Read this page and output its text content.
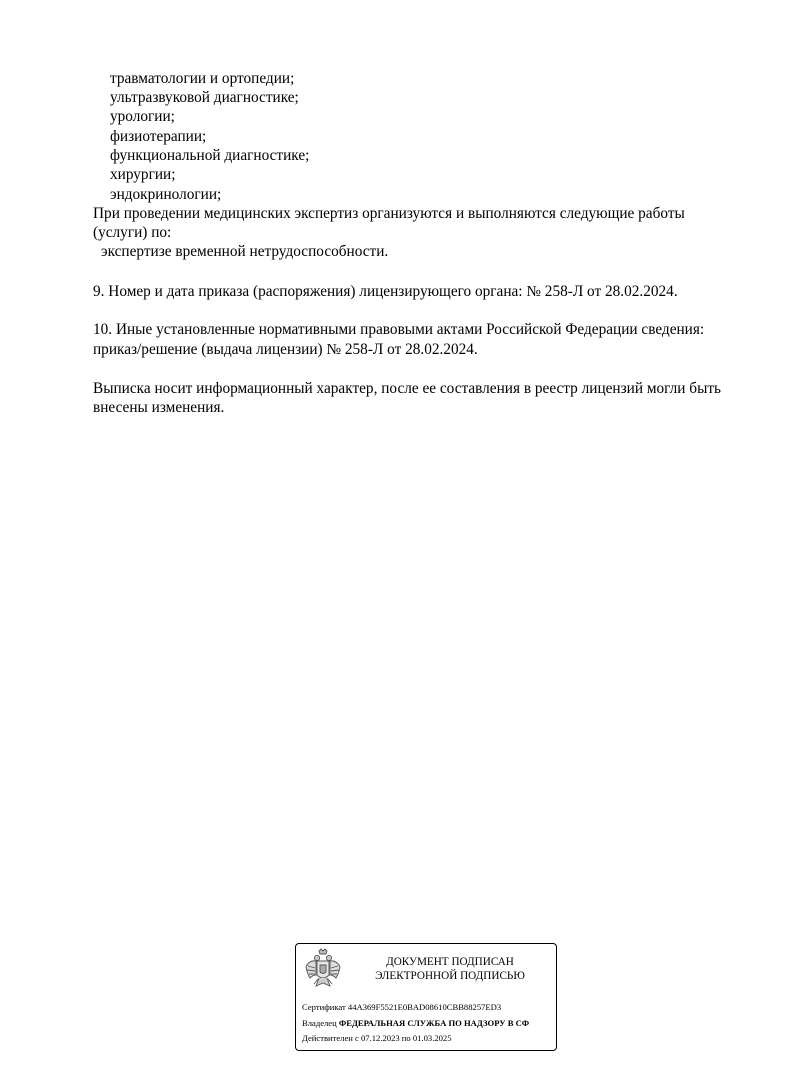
травматологии и ортопедии;
ультразвуковой диагностике;
урологии;
физиотерапии;
функциональной диагностике;
хирургии;
эндокринологии;
При проведении медицинских экспертиз организуются и выполняются следующие работы
(услуги) по:
экспертизе временной нетрудоспособности.
9. Номер и дата приказа (распоряжения) лицензирующего органа: № 258-Л от 28.02.2024.
10. Иные установленные нормативными правовыми актами Российской Федерации сведения:
приказ/решение (выдача лицензии) № 258-Л от 28.02.2024.
Выписка носит информационный характер, после ее составления в реестр лицензий могли быть
внесены изменения.
ДОКУМЕНТ ПОДПИСАН
ЭЛЕКТРОННОЙ ПОДПИСЬЮ
Сертификат 44A369F5521E0BAD08610CBB88257ED3
Владелец ФЕДЕРАЛЬНАЯ СЛУЖБА ПО НАДЗОРУ В СФ
Действителен с 07.12.2023 по 01.03.2025
